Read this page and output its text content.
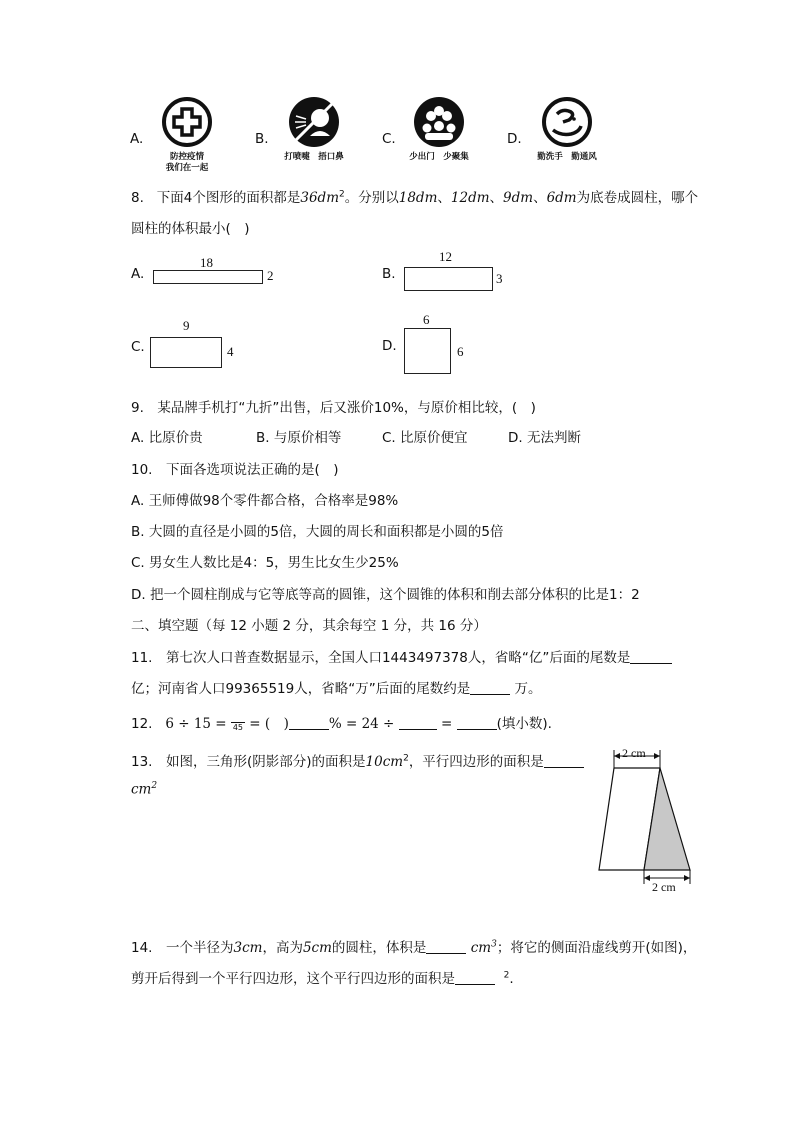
A.
防控疫情
我们在一起
B.
打喷嚏　捂口鼻
C.
少出门　少聚集
D.
勤洗手　勤通风
8. 下面4个图形的面积都是$36dm^2$。分别以18dm、12dm、9dm、6dm为底卷成圆柱，哪个
圆柱的体积最小(　)
A.
18
2	B.
12
3
C.
9
4	D.
6
6
9.　某品牌手机打“九折”出售，后又涨价10%，与原价相比较，(　)
A. 比原价贵	B. 与原价相等	C. 比原价便宜	D. 无法判断
10.　下面各选项说法正确的是(　)
A. 王师傅做98个零件都合格，合格率是98%
B. 大圆的直径是小圆的5倍，大圆的周长和面积都是小圆的5倍
C. 男女生人数比是4：5，男生比女生少25%
D. 把一个圆柱削成与它等底等高的圆锥，这个圆锥的体积和削去部分体积的比是1：2
二、填空题（每 12 小题 2 分，其余每空 1 分，共 16 分）
11.　第七次人口普查数据显示，全国人口1443497378人，省略“亿”后面的尾数是
亿；河南省人口99365519人，省略“万”后面的尾数约是	万。
12. 6 ÷ 15 = 45 = (　)	% = 24 ÷	=	(填小数).
13.　如图，三角形(阴影部分)的面积是$10cm^2$，平行四边形的面积是
$cm^2$
2 cm
2 cm
14.　一个半径为3cm，高为5cm的圆柱，体积是	$cm^3$；将它的侧面沿虚线剪开(如图)，
剪开后得到一个平行四边形，这个平行四边形的面积是	$^2$.
